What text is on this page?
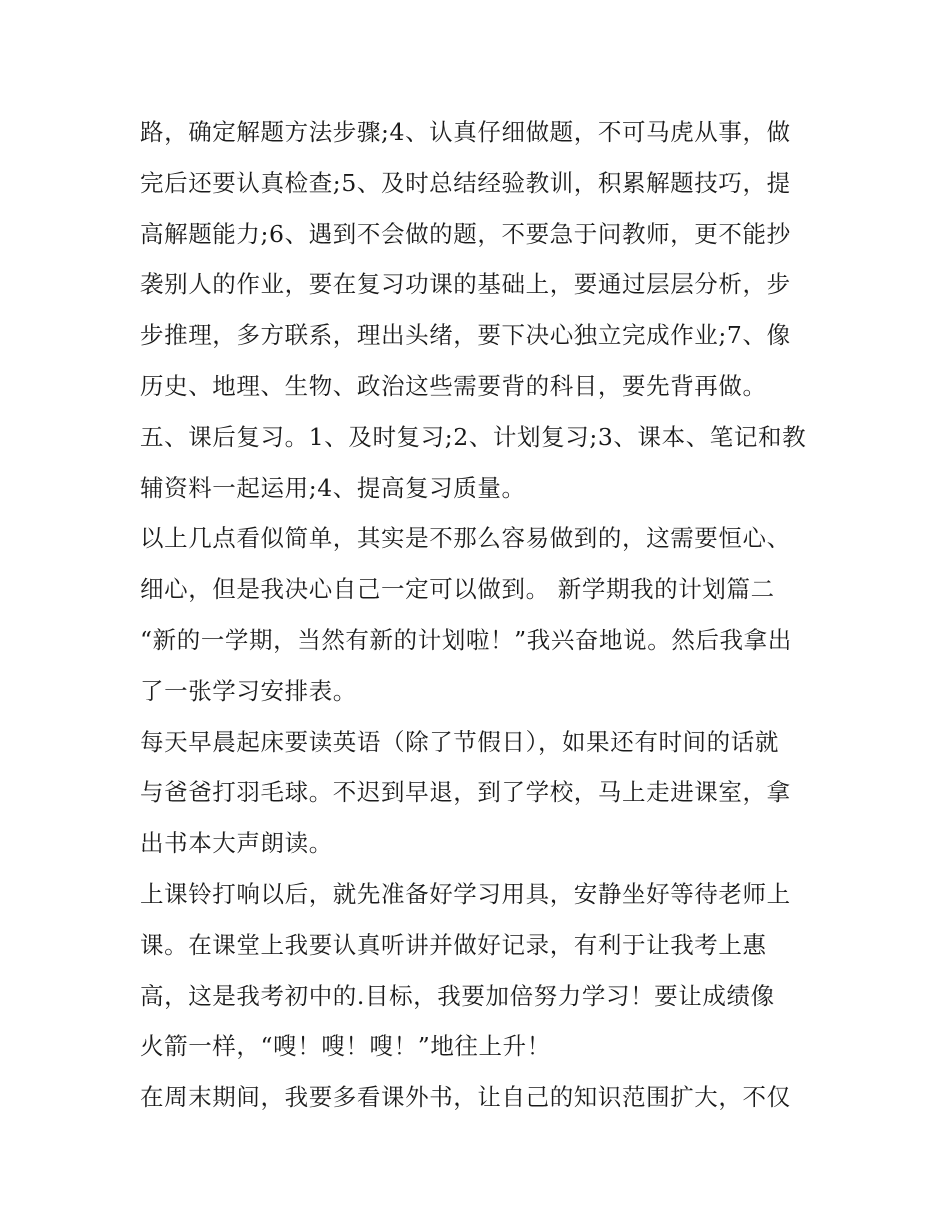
路，确定解题方法步骤;4、认真仔细做题，不可马虎从事，做
完后还要认真检查;5、及时总结经验教训，积累解题技巧，提
高解题能力;6、遇到不会做的题，不要急于问教师，更不能抄
袭别人的作业，要在复习功课的基础上，要通过层层分析，步
步推理，多方联系，理出头绪，要下决心独立完成作业;7、像
历史、地理、生物、政治这些需要背的科目，要先背再做。
五、课后复习。1、及时复习;2、计划复习;3、课本、笔记和教
辅资料一起运用;4、提高复习质量。
以上几点看似简单，其实是不那么容易做到的，这需要恒心、
细心，但是我决心自己一定可以做到。 新学期我的计划篇二
“新的一学期，当然有新的计划啦！”我兴奋地说。然后我拿出
了一张学习安排表。
每天早晨起床要读英语（除了节假日），如果还有时间的话就
与爸爸打羽毛球。不迟到早退，到了学校，马上走进课室，拿
出书本大声朗读。
上课铃打响以后，就先准备好学习用具，安静坐好等待老师上
课。在课堂上我要认真听讲并做好记录，有利于让我考上惠
高，这是我考初中的.目标，我要加倍努力学习！要让成绩像
火箭一样，“嗖！嗖！嗖！”地往上升！
在周末期间，我要多看课外书，让自己的知识范围扩大，不仅
